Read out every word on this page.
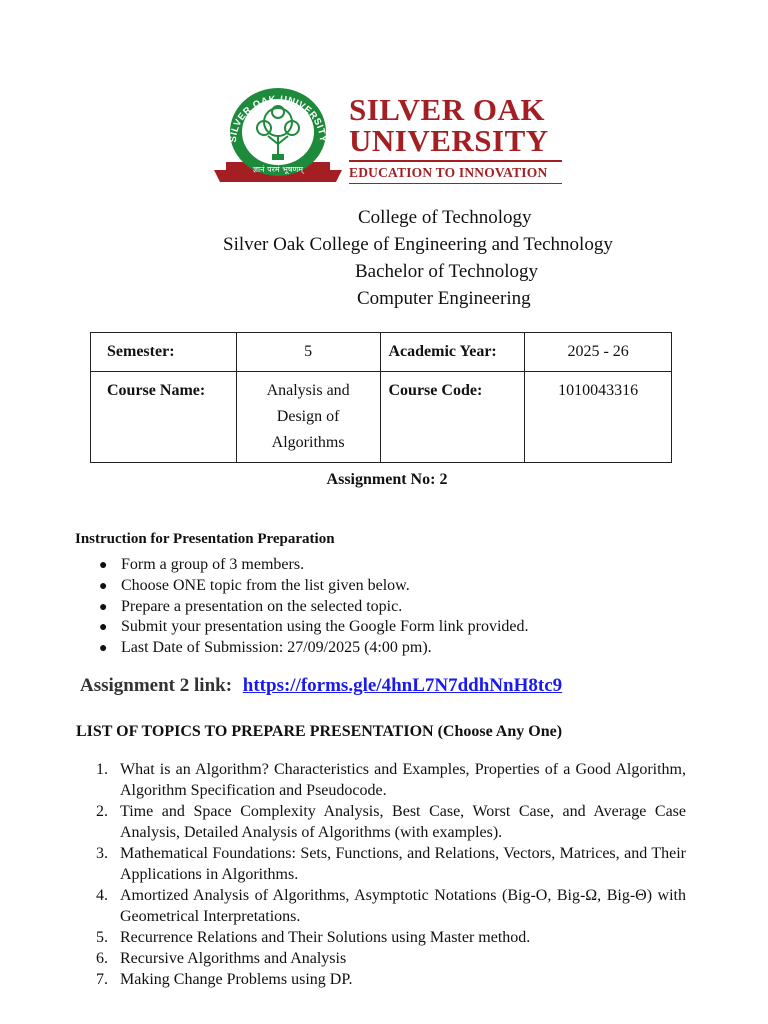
SILVER OAK UNIVERSITY
ज्ञानं परमं भूषणम्
SILVER OAK
UNIVERSITY
EDUCATION TO INNOVATION
College of Technology
Silver Oak College of Engineering and Technology
Bachelor of Technology
Computer Engineering
Semester:	5	Academic Year:	2025 - 26
Course Name:	Analysis and Design of Algorithms	Course Code:	1010043316
Assignment No: 2
Instruction for Presentation Preparation
● Form a group of 3 members.
● Choose ONE topic from the list given below.
● Prepare a presentation on the selected topic.
● Submit your presentation using the Google Form link provided.
● Last Date of Submission: 27/09/2025 (4:00 pm).
Assignment 2 link: https://forms.gle/4hnL7N7ddhNnH8tc9
LIST OF TOPICS TO PREPARE PRESENTATION (Choose Any One)
1. What is an Algorithm? Characteristics and Examples, Properties of a Good Algorithm, Algorithm Specification and Pseudocode.
2. Time and Space Complexity Analysis, Best Case, Worst Case, and Average Case Analysis, Detailed Analysis of Algorithms (with examples).
3. Mathematical Foundations: Sets, Functions, and Relations, Vectors, Matrices, and Their Applications in Algorithms.
4. Amortized Analysis of Algorithms, Asymptotic Notations (Big-O, Big-Ω, Big-Θ) with Geometrical Interpretations.
5. Recurrence Relations and Their Solutions using Master method.
6. Recursive Algorithms and Analysis
7. Making Change Problems using DP.
